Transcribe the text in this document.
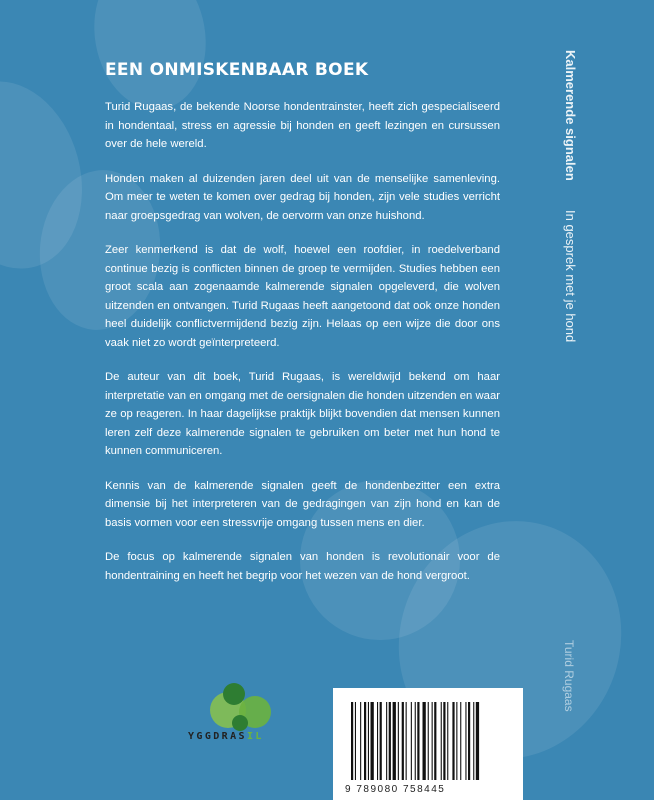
EEN ONMISKENBAAR BOEK

Turid Rugaas, de bekende Noorse hondentrainster, heeft zich gespecialiseerd in hondentaal, stress en agressie bij honden en geeft lezingen en cursussen over de hele wereld.

Honden maken al duizenden jaren deel uit van de menselijke samenleving. Om meer te weten te komen over gedrag bij honden, zijn vele studies verricht naar groepsgedrag van wolven, de oervorm van onze huishond.

Zeer kenmerkend is dat de wolf, hoewel een roofdier, in roedelverband continue bezig is conflicten binnen de groep te vermijden. Studies hebben een groot scala aan zogenaamde kalmerende signalen opgeleverd, die wolven uitzenden en ontvangen. Turid Rugaas heeft aangetoond dat ook onze honden heel duidelijk conflictvermijdend bezig zijn. Helaas op een wijze die door ons vaak niet zo wordt geïnterpreteerd.

De auteur van dit boek, Turid Rugaas, is wereldwijd bekend om haar interpretatie van en omgang met de oersignalen die honden uitzenden en waar ze op reageren. In haar dagelijkse praktijk blijkt bovendien dat mensen kunnen leren zelf deze kalmerende signalen te gebruiken om beter met hun hond te kunnen communiceren.

Kennis van de kalmerende signalen geeft de hondenbezitter een extra dimensie bij het interpreteren van de gedragingen van zijn hond en kan de basis vormen voor een stressvrije omgang tussen mens en dier.

De focus op kalmerende signalen van honden is revolutionair voor de hondentraining en heeft het begrip voor het wezen van de hond vergroot.

Kalmerende signalen
In gesprek met je hond
Turid Rugaas
YGGDRASIL
9 789080 758445
